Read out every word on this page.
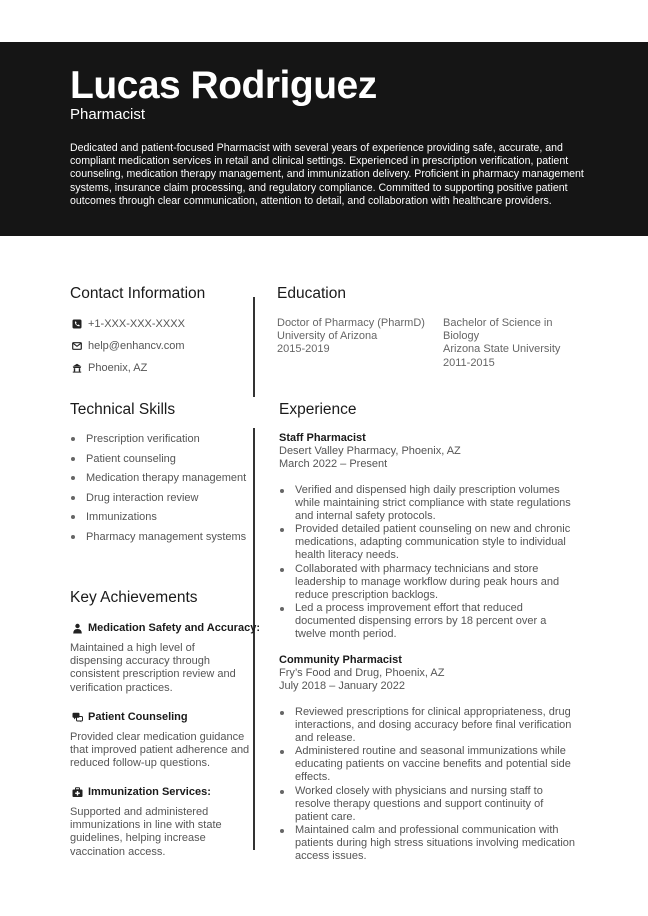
Lucas Rodriguez
Pharmacist
Dedicated and patient-focused Pharmacist with several years of experience providing safe, accurate, and compliant medication services in retail and clinical settings. Experienced in prescription verification, patient counseling, medication therapy management, and immunization delivery. Proficient in pharmacy management systems, insurance claim processing, and regulatory compliance. Committed to supporting positive patient outcomes through clear communication, attention to detail, and collaboration with healthcare providers.
Contact Information
+1-XXX-XXX-XXXX
help@enhancv.com
Phoenix, AZ
Education
Doctor of Pharmacy (PharmD)
University of Arizona
2015-2019
Bachelor of Science in Biology
Arizona State University
2011-2015
Technical Skills
Prescription verification
Patient counseling
Medication therapy management
Drug interaction review
Immunizations
Pharmacy management systems
Key Achievements
Medication Safety and Accuracy:
Maintained a high level of dispensing accuracy through consistent prescription review and verification practices.
Patient Counseling
Provided clear medication guidance that improved patient adherence and reduced follow-up questions.
Immunization Services:
Supported and administered immunizations in line with state guidelines, helping increase vaccination access.
Experience
Staff Pharmacist
Desert Valley Pharmacy, Phoenix, AZ
March 2022 – Present
Verified and dispensed high daily prescription volumes while maintaining strict compliance with state regulations and internal safety protocols.
Provided detailed patient counseling on new and chronic medications, adapting communication style to individual health literacy needs.
Collaborated with pharmacy technicians and store leadership to manage workflow during peak hours and reduce prescription backlogs.
Led a process improvement effort that reduced documented dispensing errors by 18 percent over a twelve month period.
Community Pharmacist
Fry’s Food and Drug, Phoenix, AZ
July 2018 – January 2022
Reviewed prescriptions for clinical appropriateness, drug interactions, and dosing accuracy before final verification and release.
Administered routine and seasonal immunizations while educating patients on vaccine benefits and potential side effects.
Worked closely with physicians and nursing staff to resolve therapy questions and support continuity of patient care.
Maintained calm and professional communication with patients during high stress situations involving medication access issues.
